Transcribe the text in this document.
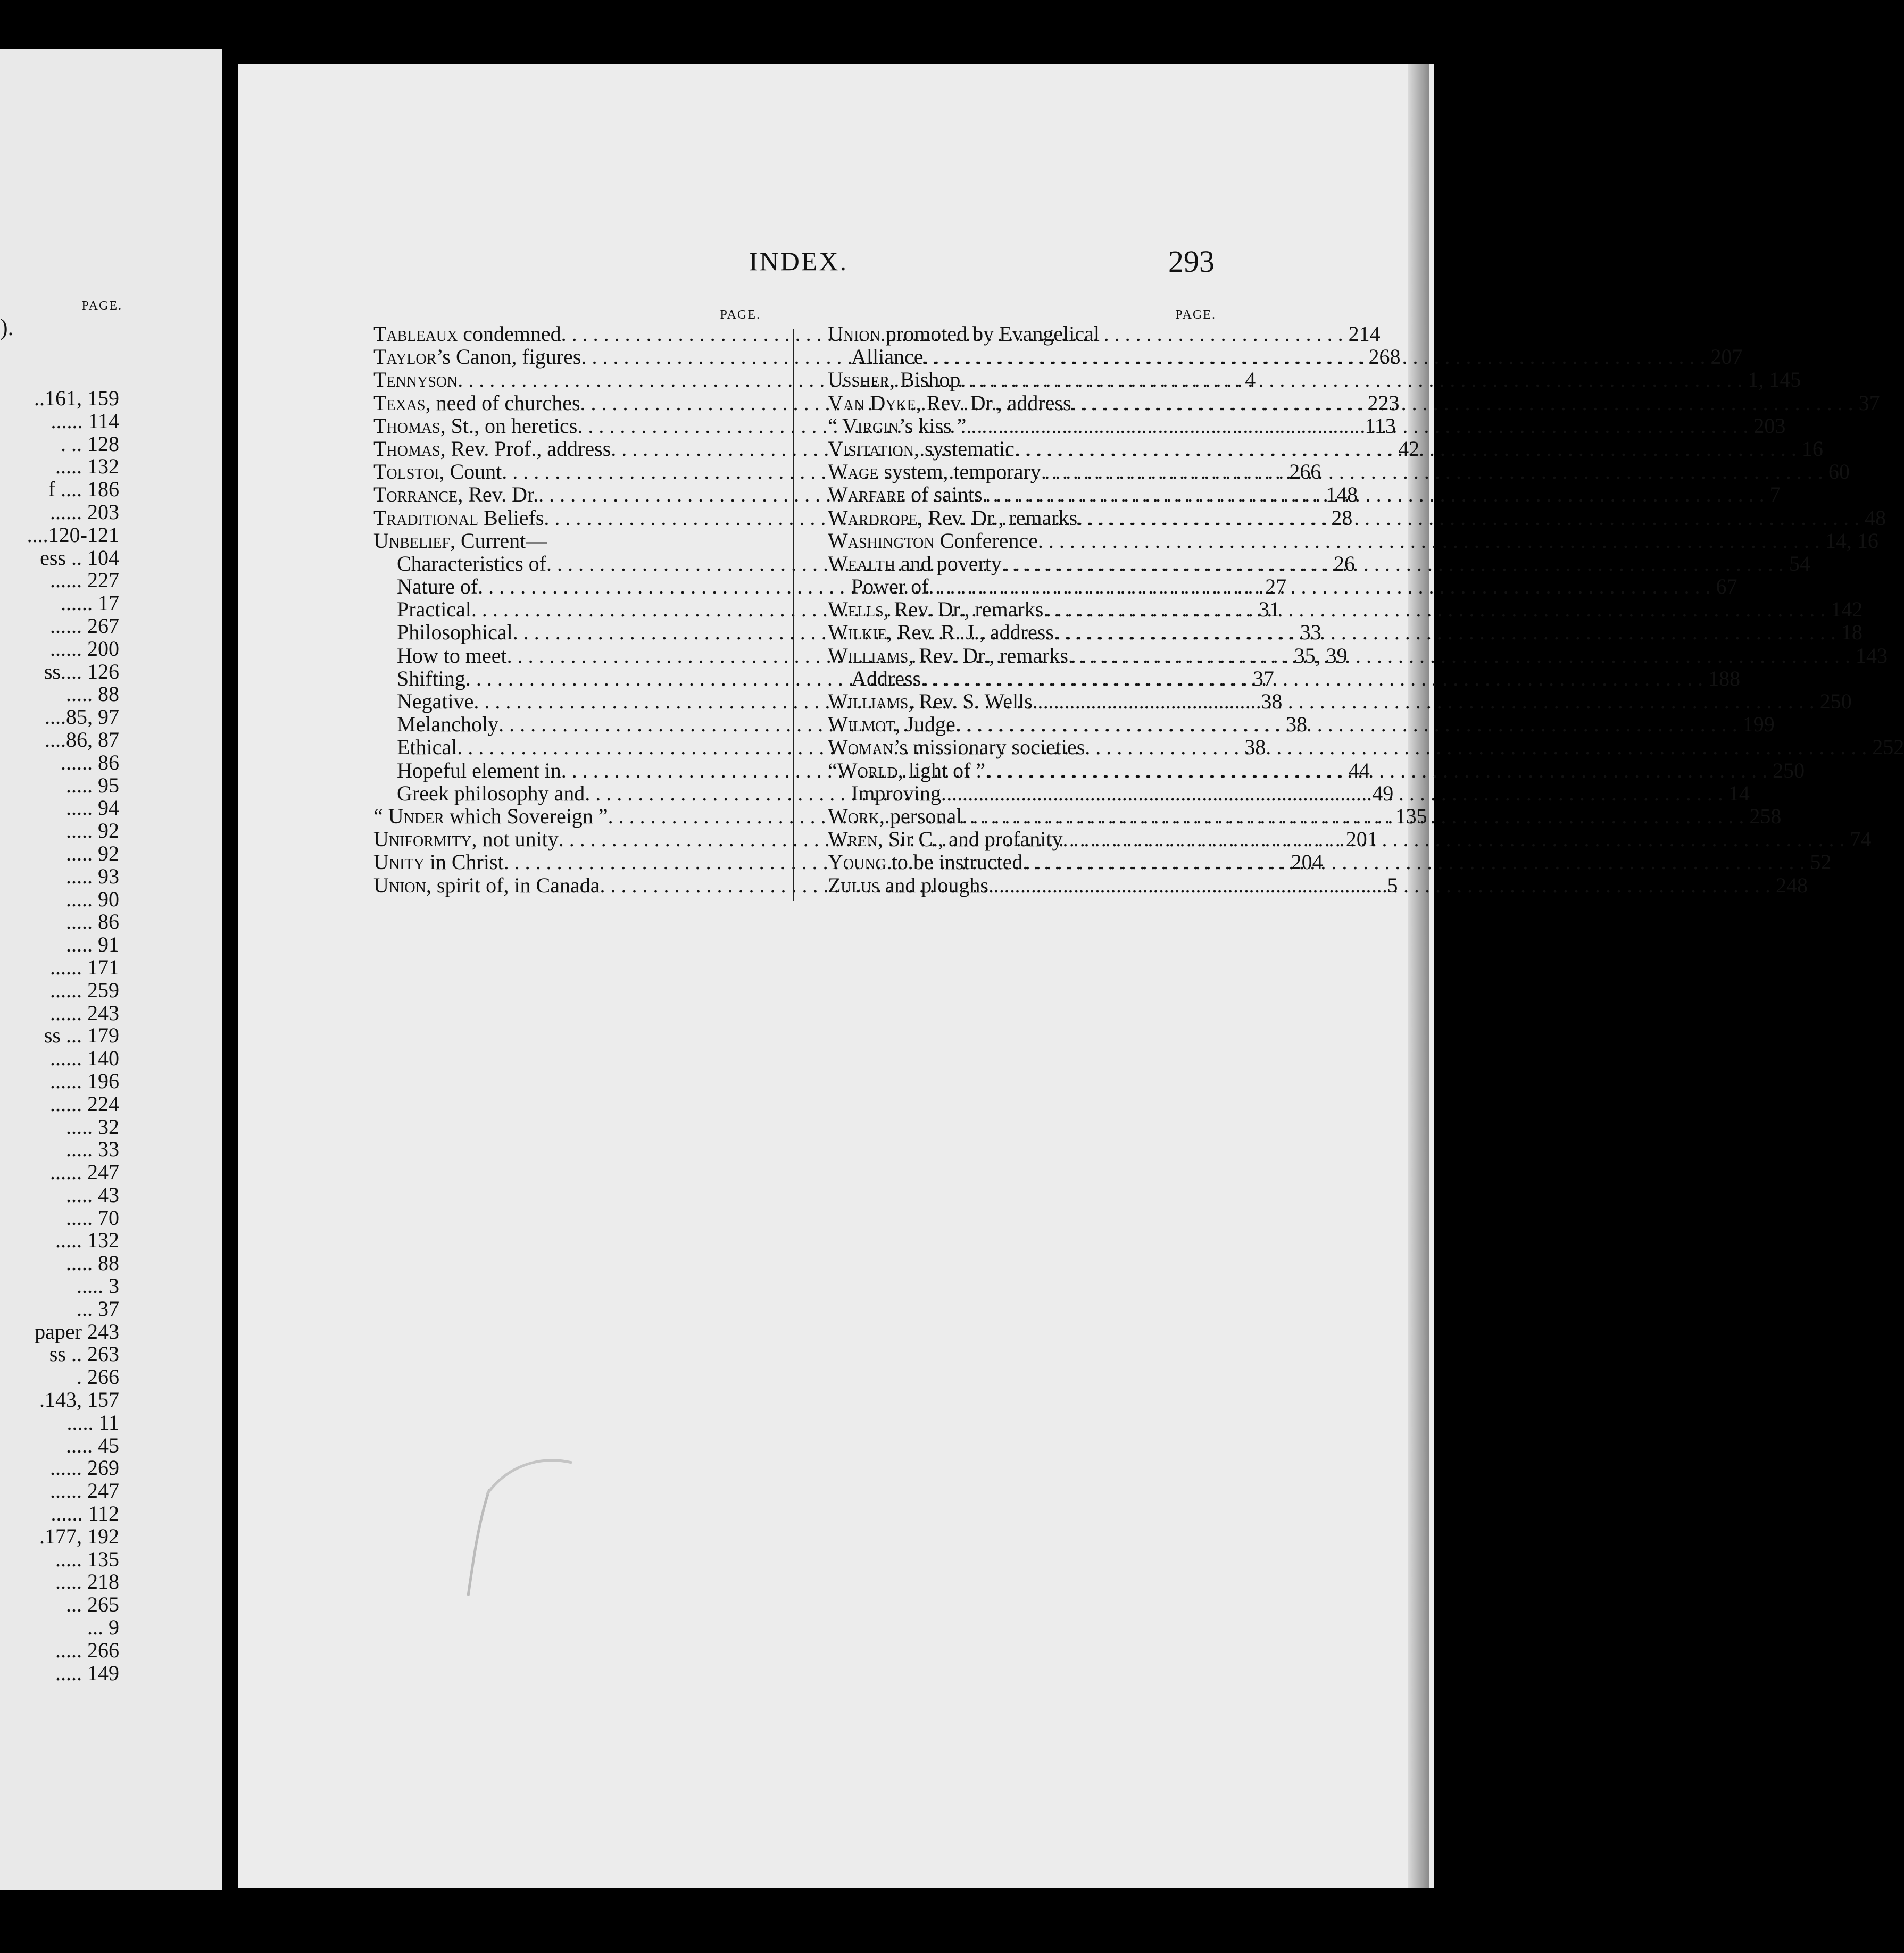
).
PAGE.
..161, 159
...... 114
. .. 128
..... 132
f .... 186
...... 203
....120-121
ess .. 104
...... 227
...... 17
...... 267
...... 200
ss.... 126
..... 88
....85, 97
....86, 87
...... 86
..... 95
..... 94
..... 92
..... 92
..... 93
..... 90
..... 86
..... 91
...... 171
...... 259
...... 243
ss ... 179
...... 140
...... 196
...... 224
..... 32
..... 33
...... 247
..... 43
..... 70
..... 132
..... 88
..... 3
... 37
paper 243
ss .. 263
. 266
.143, 157
..... 11
..... 45
...... 269
...... 247
...... 112
.177, 192
..... 135
..... 218
... 265
... 9
..... 266
..... 149
INDEX.	293
PAGE.
Tableaux condemned . . .	214
Taylor’s Canon, figures . . .	268
Tennyson . . .	4
Texas, need of churches . . .	223
Thomas, St., on heretics . . .	113
Thomas, Rev. Prof., address . . .	42
Tolstoi, Count . . .	266
Torrance, Rev. Dr. . . .	148
Traditional Beliefs . . .	28
Unbelief, Current—
Characteristics of . . .	26
Nature of . . .	27
Practical . . .	31
Philosophical . . .	33
How to meet . . .	35, 39
Shifting . . .	37
Negative . . .	38
Melancholy . . .	38
Ethical . . .	38
Hopeful element in . . .	44
Greek philosophy and . . .	49
“ Under which Sovereign ” . . .	135
Uniformity, not unity . . .	201
Unity in Christ . . .	204
Union, spirit of, in Canada . . .	5
PAGE.
Union promoted by Evangelical
Alliance . . .	207
Ussher, Bishop . . .	1, 145
Van Dyke, Rev. Dr., address . . .	37
“ Virgin’s kiss ” . . .	203
Visitation, systematic . . .	16
Wage system, temporary . . .	60
Warfare of saints . . .	7
Wardrope, Rev. Dr., remarks . . .	48
Washington Conference . . .	14, 16
Wealth and poverty . . .	54
Power of . . .	67
Wells, Rev. Dr., remarks . . .	142
Wilkie, Rev. R. J., address . . .	18
Williams, Rev. Dr., remarks . . .	143
Address . . .	188
Williams, Rev. S. Wells . . .	250
Wilmot, Judge . . .	199
Woman’s missionary societies . . .	252
“World, light of ” . . .	250
Improving . . .	14
Work, personal . . .	258
Wren, Sir C., and profanity . . .	74
Young to be instructed . . .	52
Zulus and ploughs . . .	248
